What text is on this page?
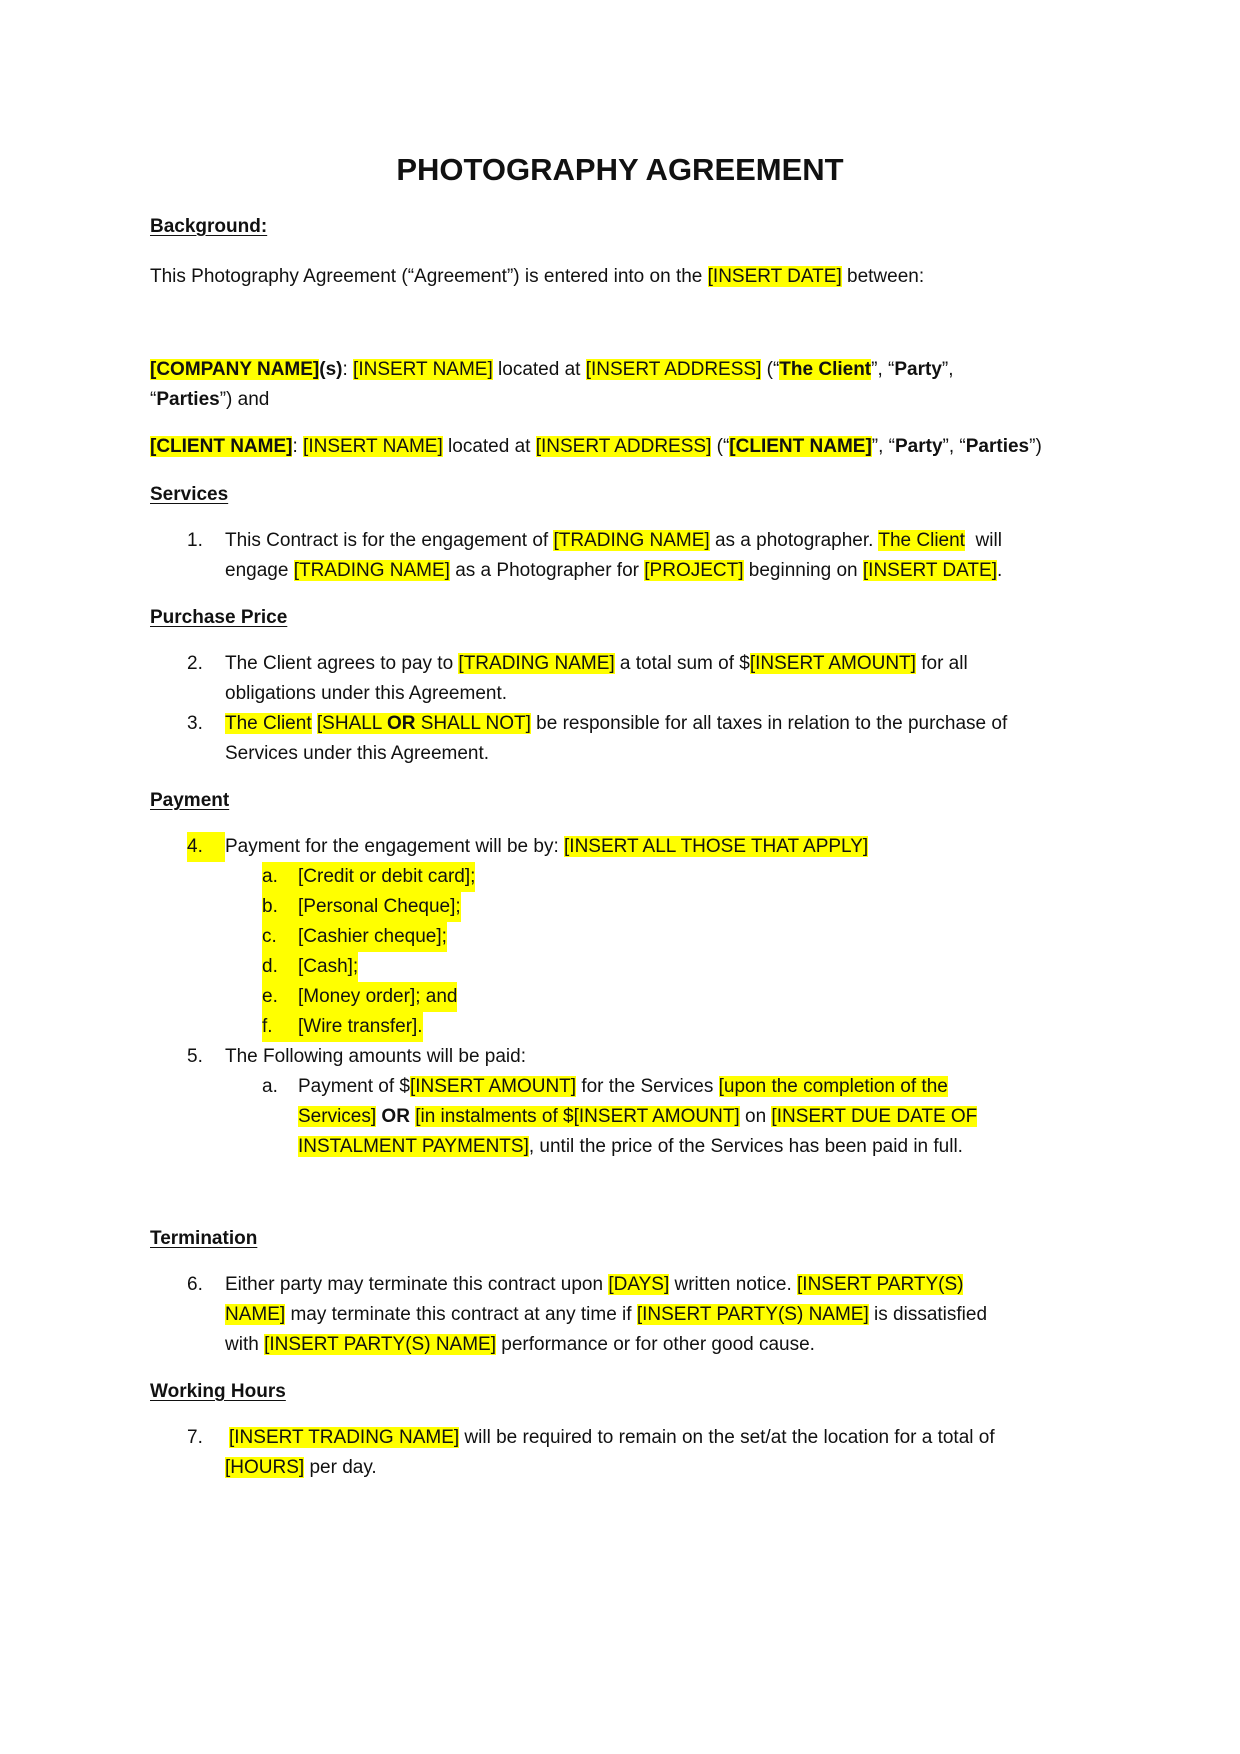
PHOTOGRAPHY AGREEMENT
Background:
This Photography Agreement (“Agreement”) is entered into on the [INSERT DATE] between:
[COMPANY NAME](s): [INSERT NAME] located at [INSERT ADDRESS] (“The Client”, “Party”,
“Parties”) and
[CLIENT NAME]: [INSERT NAME] located at [INSERT ADDRESS] (“[CLIENT NAME]”, “Party”, “Parties”)
Services
1. This Contract is for the engagement of [TRADING NAME] as a photographer. The Client  will
engage [TRADING NAME] as a Photographer for [PROJECT] beginning on [INSERT DATE].
Purchase Price
2. The Client agrees to pay to [TRADING NAME] a total sum of $[INSERT AMOUNT] for all
obligations under this Agreement.
3. The Client [SHALL OR SHALL NOT] be responsible for all taxes in relation to the purchase of
Services under this Agreement.
Payment
4.	Payment for the engagement will be by: [INSERT ALL THOSE THAT APPLY]
a. [Credit or debit card];
b. [Personal Cheque];
c. [Cashier cheque];
d. [Cash];
e. [Money order]; and
f. [Wire transfer].
5. The Following amounts will be paid:
a. Payment of $[INSERT AMOUNT] for the Services [upon the completion of the
Services] OR [in instalments of $[INSERT AMOUNT] on [INSERT DUE DATE OF
INSTALMENT PAYMENTS], until the price of the Services has been paid in full.
Termination
6. Either party may terminate this contract upon [DAYS] written notice. [INSERT PARTY(S)
NAME] may terminate this contract at any time if [INSERT PARTY(S) NAME] is dissatisfied
with [INSERT PARTY(S) NAME] performance or for other good cause.
Working Hours
7. [INSERT TRADING NAME] will be required to remain on the set/at the location for a total of
[HOURS] per day.
